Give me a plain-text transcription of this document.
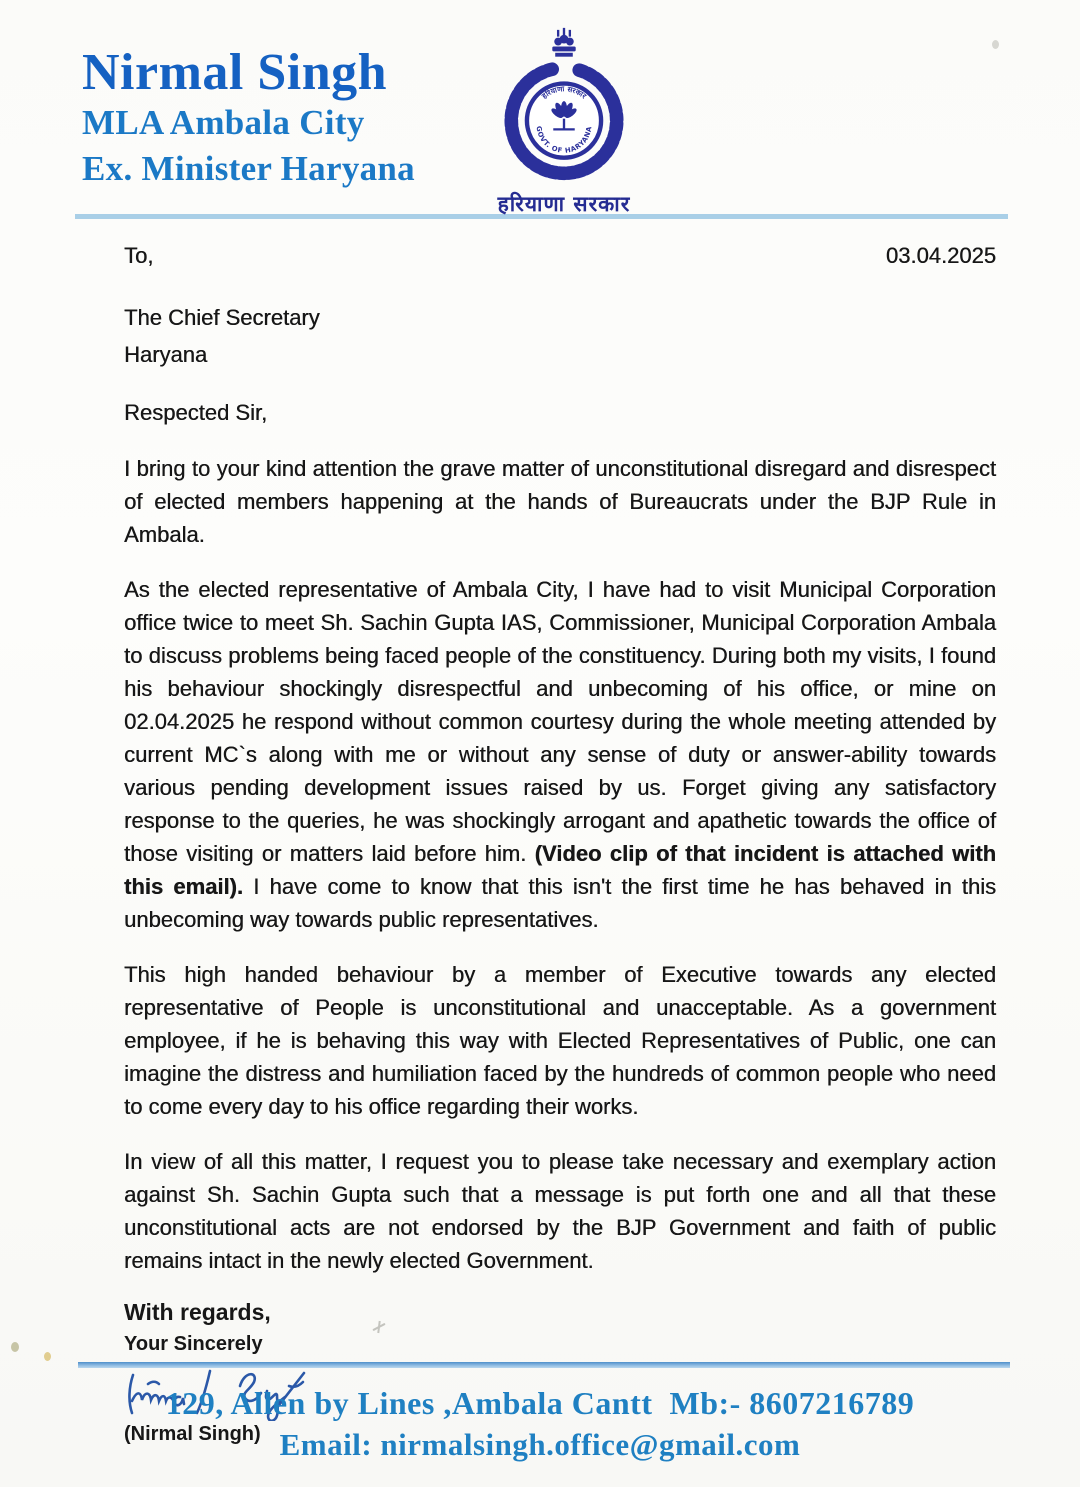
Nirmal Singh
MLA Ambala City
Ex. Minister Haryana
हरियाणा सरकार
GOVT. OF HARYANA
हरियाणा सरकार
To,	03.04.2025
The Chief Secretary
Haryana
Respected Sir,

I bring to your kind attention the grave matter of unconstitutional disregard and disrespect of elected members happening at the hands of Bureaucrats under the BJP Rule in Ambala.

As the elected representative of Ambala City, I have had to visit Municipal Corporation office twice to meet Sh. Sachin Gupta IAS, Commissioner, Municipal Corporation Ambala to discuss problems being faced people of the constituency. During both my visits, I found his behaviour shockingly disrespectful and unbecoming of his office, or mine on 02.04.2025 he respond without common courtesy during the whole meeting attended by current MC`s along with me or without any sense of duty or answer-ability towards various pending development issues raised by us. Forget giving any satisfactory response to the queries, he was shockingly arrogant and apathetic towards the office of those visiting or matters laid before him. (Video clip of that incident is attached with this email). I have come to know that this isn't the first time he has behaved in this unbecoming way towards public representatives.

This high handed behaviour by a member of Executive towards any elected representative of People is unconstitutional and unacceptable. As a government employee, if he is behaving this way with Elected Representatives of Public, one can imagine the distress and humiliation faced by the hundreds of common people who need to come every day to his office regarding their works.

In view of all this matter, I request you to please take necessary and exemplary action against Sh. Sachin Gupta such that a message is put forth one and all that these unconstitutional acts are not endorsed by the BJP Government and faith of public remains intact in the newly elected Government.

With regards,
Your Sincerely
(Nirmal Singh)
129, Allen by Lines ,Ambala Cantt  Mb:- 8607216789
Email: nirmalsingh.office@gmail.com
